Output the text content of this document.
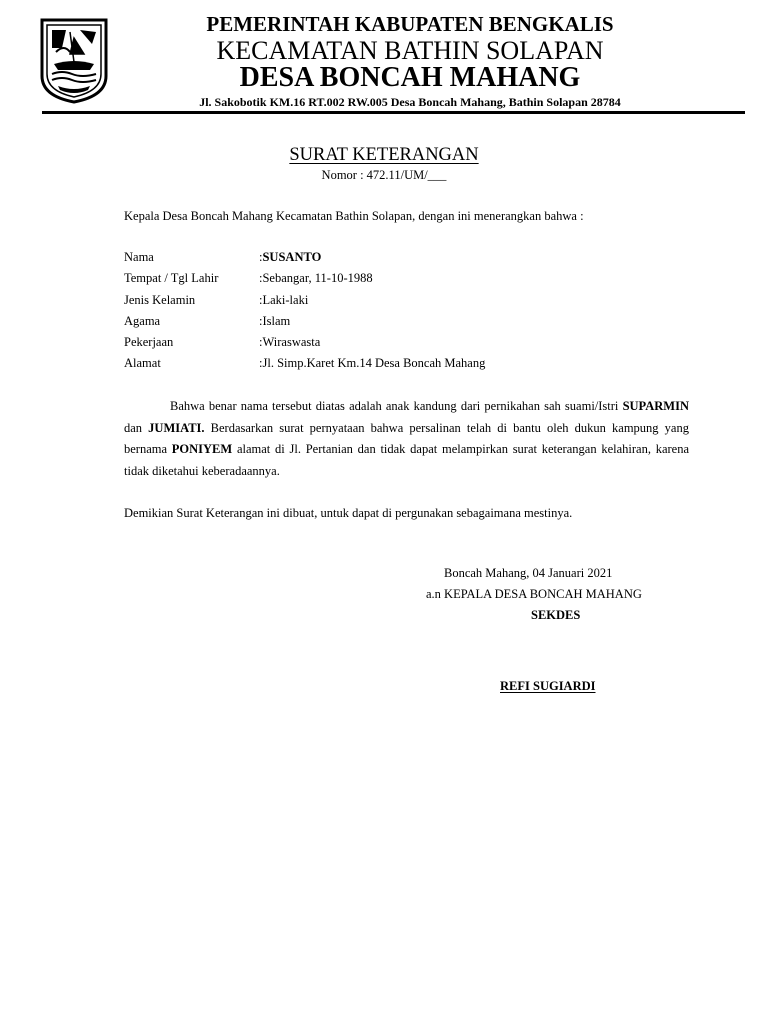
PEMERINTAH KABUPATEN BENGKALIS
KECAMATAN BATHIN SOLAPAN
DESA BONCAH MAHANG
Jl. Sakobotik KM.16 RT.002 RW.005 Desa Boncah Mahang, Bathin Solapan 28784
SURAT KETERANGAN
Nomor : 472.11/UM/___
Kepala Desa Boncah Mahang Kecamatan Bathin Solapan, dengan ini menerangkan bahwa :
Nama	: SUSANTO
Tempat / Tgl Lahir	: Sebangar, 11-10-1988
Jenis Kelamin	: Laki-laki
Agama	: Islam
Pekerjaan	: Wiraswasta
Alamat	: Jl. Simp.Karet Km.14 Desa Boncah Mahang
Bahwa benar nama tersebut diatas adalah anak kandung dari pernikahan sah suami/Istri SUPARMIN dan JUMIATI. Berdasarkan surat pernyataan bahwa persalinan telah di bantu oleh dukun kampung yang bernama PONIYEM alamat di Jl. Pertanian dan tidak dapat melampirkan surat keterangan kelahiran, karena tidak diketahui keberadaannya.
Demikian Surat Keterangan ini dibuat, untuk dapat di pergunakan sebagaimana mestinya.
Boncah Mahang, 04 Januari 2021
a.n KEPALA DESA BONCAH MAHANG
SEKDES
REFI SUGIARDI
